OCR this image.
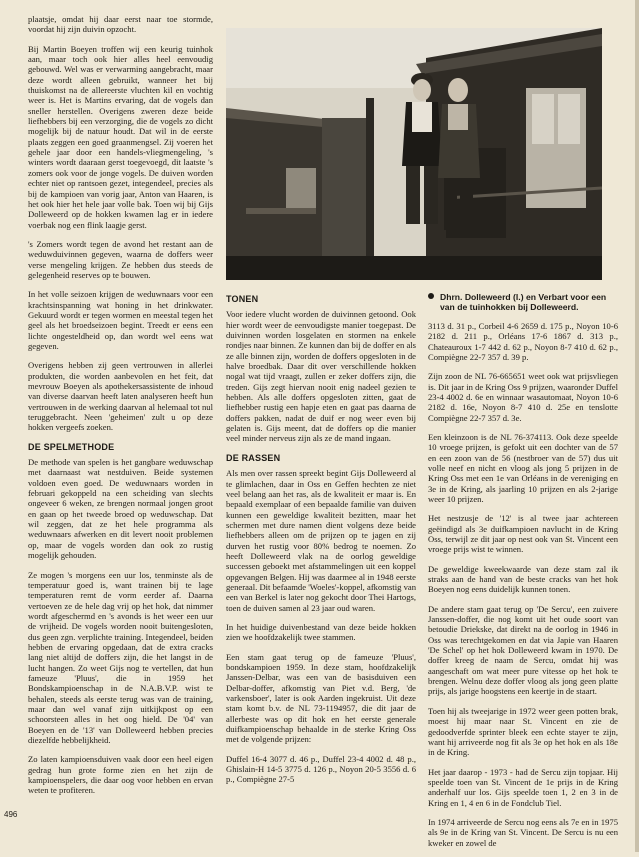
plaatsje, omdat hij daar eerst naar toe stormde, voordat hij zijn duivin opzocht.

Bij Martin Boeyen troffen wij een keurig tuinhok aan, maar toch ook hier alles heel eenvoudig gebouwd. Wel was er verwarming aangebracht, maar deze wordt alleen gebruikt, wanneer het bij thuiskomst na de allereerste vluchten kil en vochtig weer is. Het is Martins ervaring, dat de vogels dan sneller herstellen. Overigens zweren deze beide liefhebbers bij een verzorging, die de vogels zo dicht mogelijk bij de natuur houdt. Dat wil in de eerste plaats zeggen een goed graanmengsel. Zij voeren het gehele jaar door een handels-vliegmengeling, 's winters wordt daaraan gerst toegevoegd, dit laatste 's zomers ook voor de jonge vogels. De duiven worden echter niet op rantsoen gezet, integendeel, precies als bij de kampioen van vorig jaar, Anton van Haaren, is het ook hier het hele jaar volle bak. Toen wij bij Gijs Dolleweerd op de hokken kwamen lag er in iedere voerbak nog een flink laagje gerst.

's Zomers wordt tegen de avond het restant aan de weduwduivinnen gegeven, waarna de doffers weer verse mengeling krijgen. Ze hebben dus steeds de gelegenheid reserves op te bouwen.

In het volle seizoen krijgen de weduwnaars voor een krachtsinspanning wat honing in het drinkwater. Gekuurd wordt er tegen wormen en meestal tegen het geel als het broedseizoen begint. Treedt er eens een lichte ongesteldheid op, dan wordt wel eens wat gegeven.

Overigens hebben zij geen vertrouwen in allerlei produkten, die worden aanbevolen en het feit, dat mevrouw Boeyen als apothekersassistente de inhoud van diverse daarvan heeft laten analyseren heeft hun vertrouwen in de werking daarvan al helemaal tot nul teruggebracht. Neen 'geheimen' zult u op deze hokken vergeefs zoeken.

DE SPELMETHODE

De methode van spelen is het gangbare weduwschap met daarnaast wat nestduiven. Beide systemen voldoen even goed. De weduwnaars worden in februari gekoppeld na een scheiding van slechts ongeveer 6 weken, ze brengen normaal jongen groot en gaan op het tweede broed op weduwschap. Dat wil zeggen, dat ze het hele programma als weduwnaars afwerken en dit levert nooit problemen op, maar de vogels worden dan ook zo rustig mogelijk gehouden.

Ze mogen 's morgens een uur los, tenminste als de temperatuur goed is, want trainen bij te lage temperaturen remt de vorm eerder af. Daarna vertoeven ze de hele dag vrij op het hok, dat nimmer wordt afgeschermd en 's avonds is het weer een uur de vrijheid. De vogels worden nooit buitengesloten, dus geen zgn. verplichte training. Integendeel, beiden hebben de ervaring opgedaan, dat de extra cracks lang niet altijd de doffers zijn, die het langst in de lucht hangen. Zo weet Gijs nog te vertellen, dat hun fameuze 'Pluus', die in 1959 het Bondskampioenschap in de N.A.B.V.P. wist te behalen, steeds als eerste terug was van de training, maar dan wel vanaf zijn uitkijkpost op een schoorsteen alles in het oog hield. De '04' van Boeyen en de '13' van Dolleweerd hebben precies diezelfde hebbelijkheid.

Zo laten kampioensduiven vaak door een heel eigen gedrag hun grote forme zien en het zijn de kampioenspelers, die daar oog voor hebben en ervan weten te profiteren.

TONEN

Voor iedere vlucht worden de duivinnen getoond. Ook hier wordt weer de eenvoudigste manier toegepast. De duivinnen worden losgelaten en stormen na enkele rondjes naar binnen. Ze kunnen dan bij de doffer en als ze alle binnen zijn, worden de doffers opgesloten in de halve broedbak. Daar dit over verschillende hokken nogal wat tijd vraagt, zullen er zeker doffers zijn, die treden. Gijs zegt hiervan nooit enig nadeel gezien te hebben. Als alle doffers opgesloten zitten, gaat de liefhebber rustig een hapje eten en gaat pas daarna de doffers pakken, nadat de duif er nog weer even bij gelaten is. Gijs meent, dat de doffers op die manier veel minder nerveus zijn als ze de mand ingaan.

DE RASSEN

Als men over rassen spreekt begint Gijs Dolleweerd al te glimlachen, daar in Oss en Geffen hechten ze niet veel belang aan het ras, als de kwaliteit er maar is. En bepaald exemplaar of een bepaalde familie van duiven kunnen een geweldige kwaliteit bezitten, maar het schermen met dure namen dient volgens deze beide liefhebbers alleen om de prijzen op te jagen en zij durven het rustig voor 80% bedrog te noemen. Zo heeft Dolleweerd vlak na de oorlog geweldige successen geboekt met afstammelingen uit een koppel opgevangen Belgen. Hij was daarmee al in 1948 eerste generaal. Dit befaamde 'Woeles'-koppel, afkomstig van een van Berkel is later nog gekocht door Thei Hartogs, toen de duiven samen al 23 jaar oud waren.

In het huidige duivenbestand van deze beide hokken zien we hoofdzakelijk twee stammen.

Een stam gaat terug op de fameuze 'Pluus', bondskampioen 1959. In deze stam, hoofdzakelijk Janssen-Delbar, was een van de basisduiven een Delbar-doffer, afkomstig van Piet v.d. Berg, 'de varkensboer', later is ook Aarden ingekruist. Uit deze stam komt b.v. de NL 73-1194957, die dit jaar de allerbeste was op dit hok en het eerste generale duifkampioenschap behaalde in de sterke Kring Oss met de volgende prijzen:

Duffel 16-4 3077 d. 46 p., Duffel 23-4 4002 d. 48 p., Ghislain-H 14-5 3775 d. 126 p., Noyon 20-5 3556 d. 6 p., Compiègne 27-5

Dhrn. Dolleweerd (l.) en Verbart voor een van de tuinhokken bij Dolleweerd.

3113 d. 31 p., Corbeil 4-6 2659 d. 175 p., Noyon 10-6 2182 d. 211 p., Orléans 17-6 1867 d. 313 p., Chateauroux 1-7 442 d. 62 p., Noyon 8-7 410 d. 62 p., Compiègne 22-7 357 d. 39 p.

Zijn zoon de NL 76-665651 weet ook wat prijsvliegen is. Dit jaar in de Kring Oss 9 prijzen, waaronder Duffel 23-4 4002 d. 6e en winnaar wasautomaat, Noyon 10-6 2182 d. 16e, Noyon 8-7 410 d. 25e en tenslotte Compiègne 22-7 357 d. 3e.

Een kleinzoon is de NL 76-374113. Ook deze speelde 10 vroege prijzen, is gefokt uit een dochter van de 57 en een zoon van de 56 (nestbroer van de 57) dus uit volle neef en nicht en vloog als jong 5 prijzen in de Kring Oss met een 1e van Orléans in de vereniging en 3e in de Kring, als jaarling 10 prijzen en als 2-jarige weer 10 prijzen.

Het nestzusje de '12' is al twee jaar achtereen geëindigd als 3e duifkampioen navlucht in de Kring Oss, terwijl ze dit jaar op nest ook van St. Vincent een vroege prijs wist te winnen.

De geweldige kweekwaarde van deze stam zal ik straks aan de hand van de beste cracks van het hok Boeyen nog eens duidelijk kunnen tonen.

De andere stam gaat terug op 'De Sercu', een zuivere Janssen-doffer, die nog komt uit het oude soort van betoudie Driekske, dat direkt na de oorlog in 1946 in Oss was terechtgekomen en dat via Japie van Haaren 'De Schel' op het hok Dolleweerd kwam in 1970. De doffer kreeg de naam de Sercu, omdat hij was aangeschaft om wat meer pure vitesse op het hok te brengen. Welnu deze doffer vloog als jong geen platte prijs, als jarige hoogstens een keertje in de staart.

Toen hij als tweejarige in 1972 weer geen potten brak, moest hij maar naar St. Vincent en zie de gedoodverfde sprinter bleek een echte stayer te zijn, want hij arriveerde nog fit als 3e op het hok en als 18e in de Kring.

Het jaar daarop - 1973 - had de Sercu zijn topjaar. Hij speelde toen van St. Vincent de 1e prijs in de Kring anderhalf uur los. Gijs speelde toen 1, 2 en 3 in de Kring en 1, 4 en 6 in de Fondclub Tiel.

In 1974 arriveerde de Sercu nog eens als 7e en in 1975 als 9e in de Kring van St. Vincent. De Sercu is nu een kweker en zowel de

496
